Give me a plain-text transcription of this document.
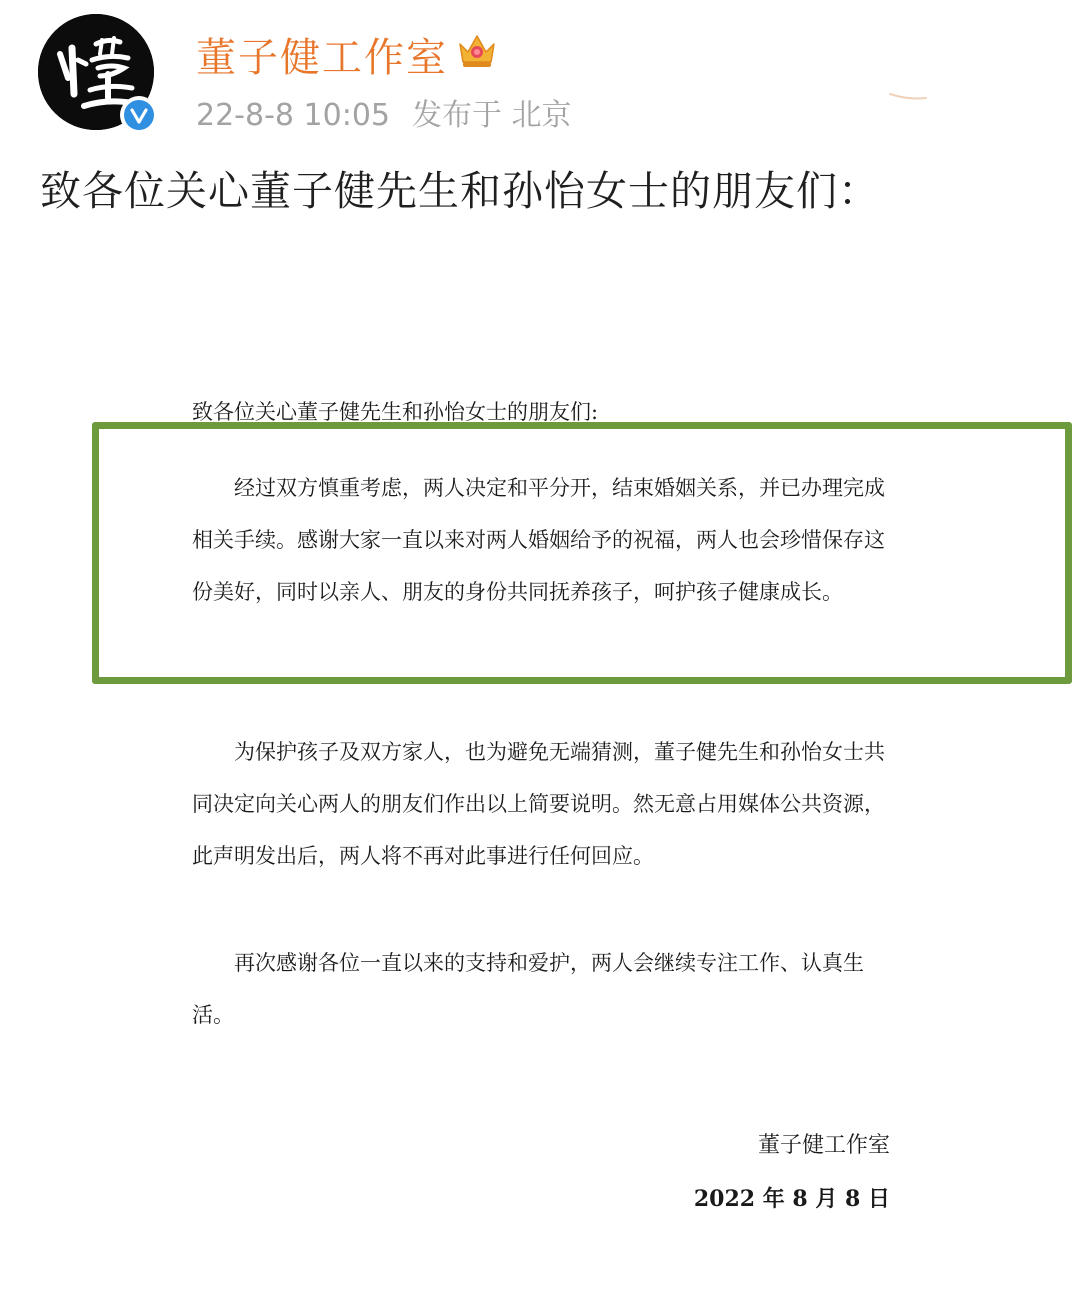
董子健工作室
22-8-8 10:05 发布于 北京
致各位关心董子健先生和孙怡女士的朋友们：
致各位关心董子健先生和孙怡女士的朋友们:

经过双方慎重考虑，两人决定和平分开，结束婚姻关系，并已办理完成相关手续。感谢大家一直以来对两人婚姻给予的祝福，两人也会珍惜保存这份美好，同时以亲人、朋友的身份共同抚养孩子，呵护孩子健康成长。

为保护孩子及双方家人，也为避免无端猜测，董子健先生和孙怡女士共同决定向关心两人的朋友们作出以上简要说明。然无意占用媒体公共资源，此声明发出后，两人将不再对此事进行任何回应。

再次感谢各位一直以来的支持和爱护，两人会继续专注工作、认真生活。

董子健工作室
2022 年 8 月 8 日
